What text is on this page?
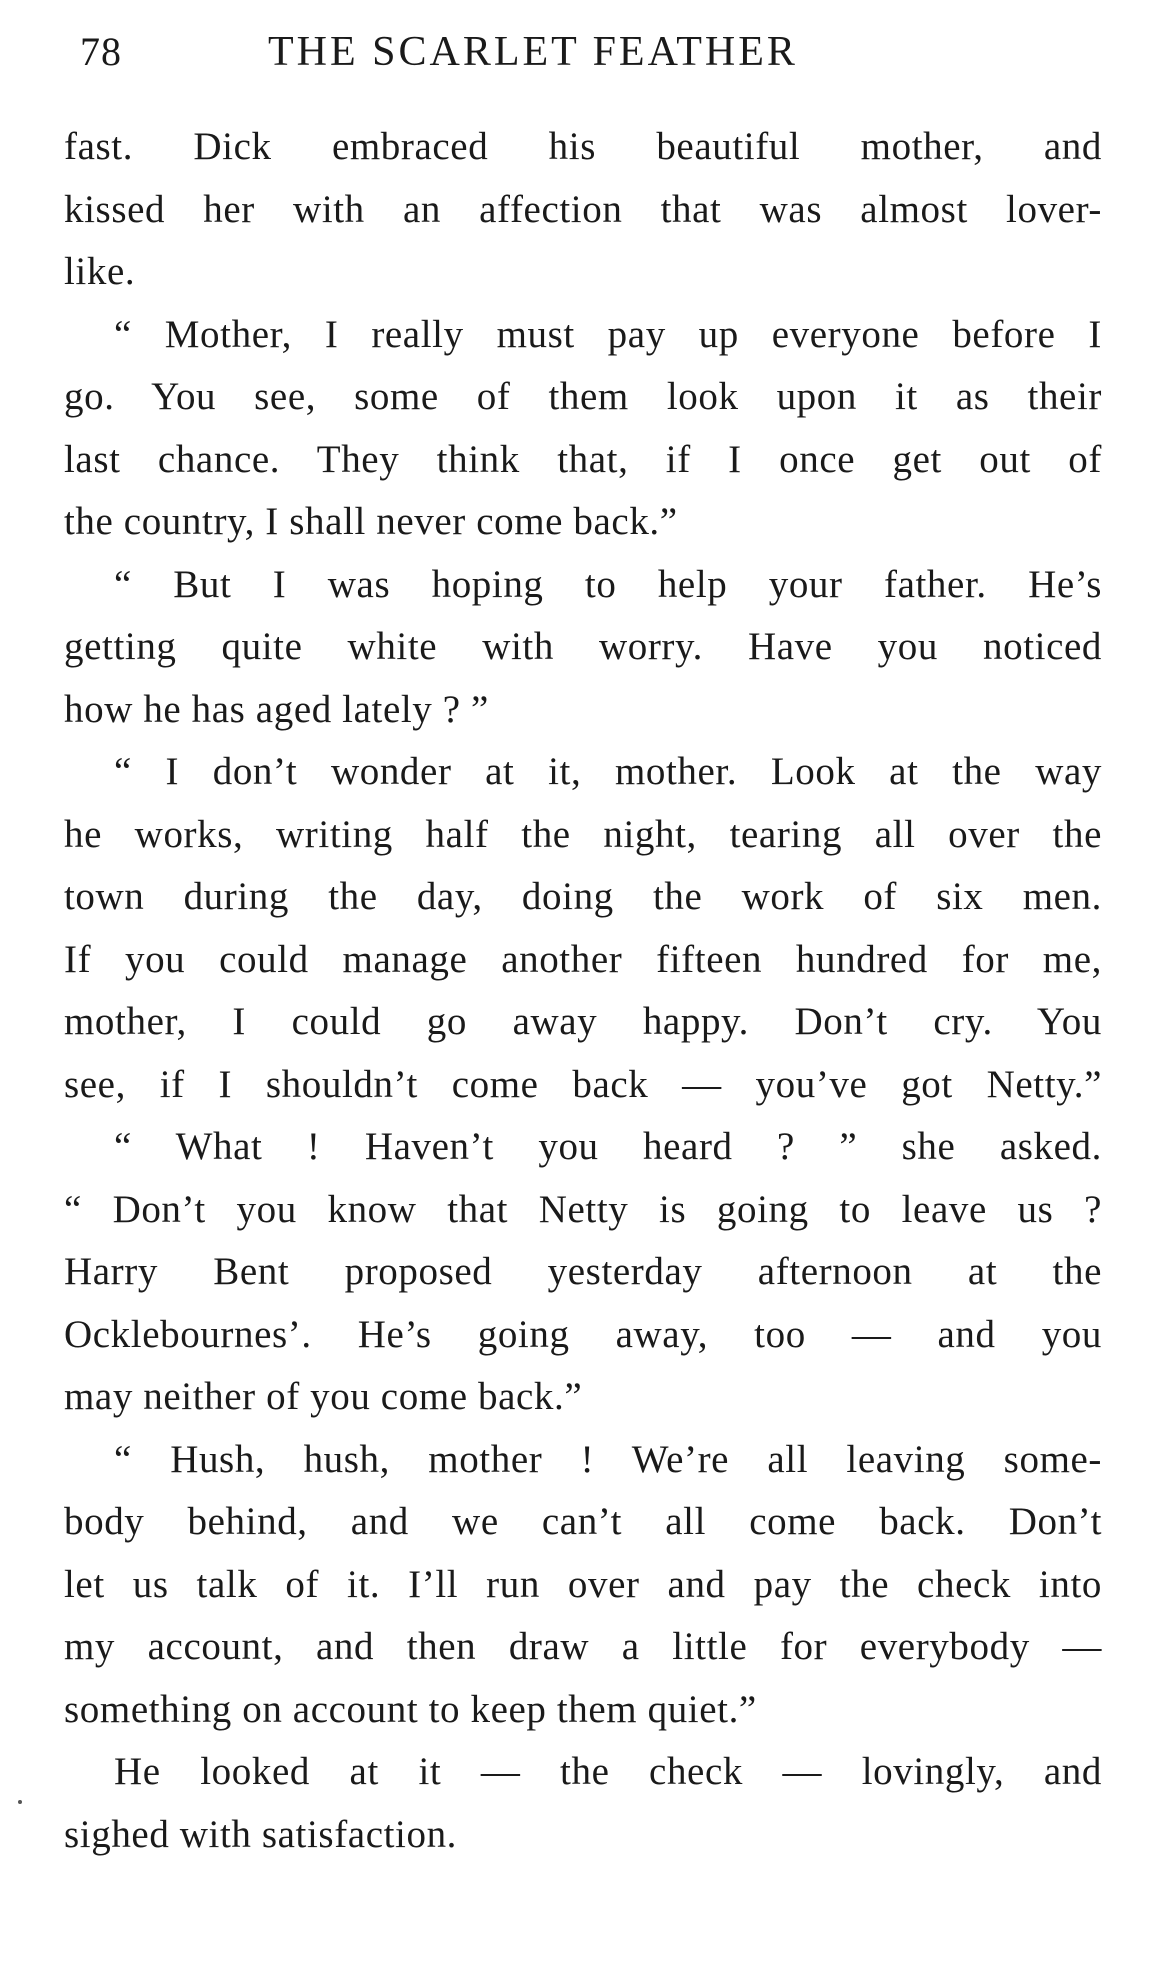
78	THE SCARLET FEATHER
fast. Dick embraced his beautiful mother, and
kissed her with an affection that was almost lover-
like.
“ Mother, I really must pay up everyone before I
go. You see, some of them look upon it as their
last chance. They think that, if I once get out of
the country, I shall never come back.”
“ But I was hoping to help your father. He’s
getting quite white with worry. Have you noticed
how he has aged lately ? ”
“ I don’t wonder at it, mother. Look at the way
he works, writing half the night, tearing all over the
town during the day, doing the work of six men.
If you could manage another fifteen hundred for me,
mother, I could go away happy. Don’t cry. You
see, if I shouldn’t come back — you’ve got Netty.”
“ What ! Haven’t you heard ? ” she asked.
“ Don’t you know that Netty is going to leave us ?
Harry Bent proposed yesterday afternoon at the
Ocklebournes’. He’s going away, too — and you
may neither of you come back.”
“ Hush, hush, mother ! We’re all leaving some-
body behind, and we can’t all come back. Don’t
let us talk of it. I’ll run over and pay the check into
my account, and then draw a little for everybody —
something on account to keep them quiet.”
He looked at it — the check — lovingly, and
sighed with satisfaction.
